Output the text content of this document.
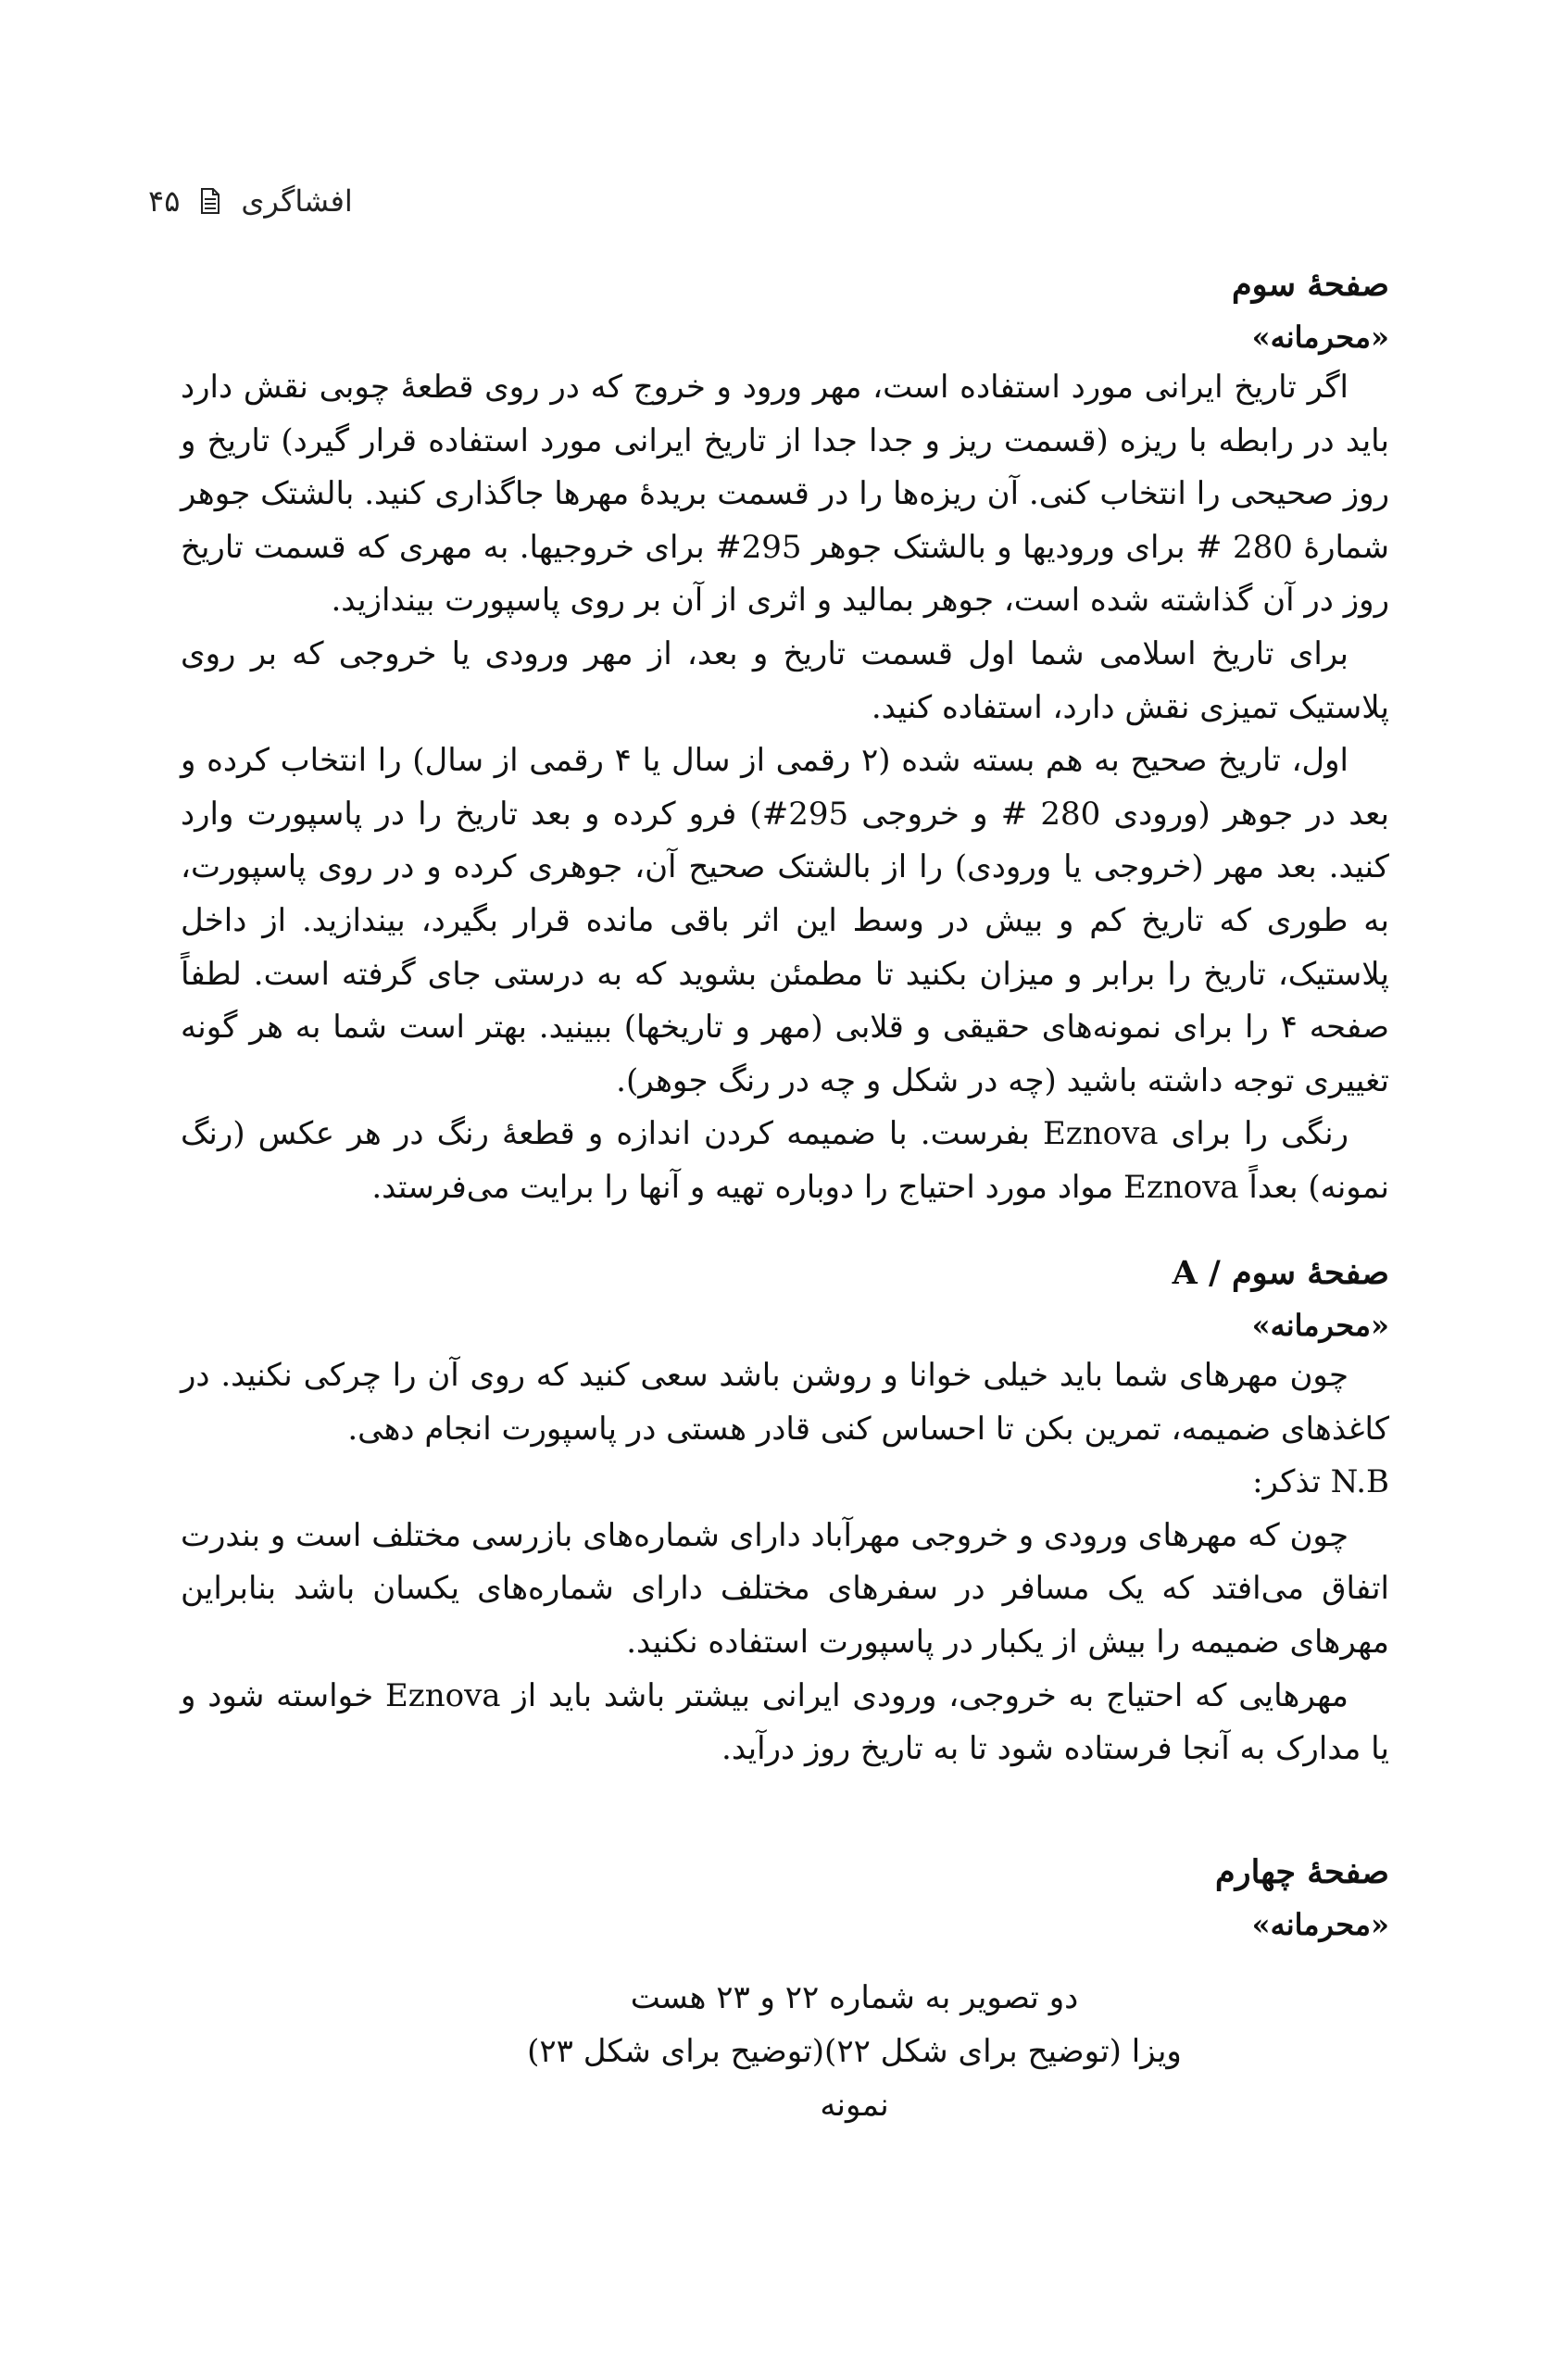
افشاگری
۴۵
صفحهٔ سوم
«محرمانه»

اگر تاریخ ایرانی مورد استفاده است، مهر ورود و خروج که در روی قطعهٔ چوبی نقش دارد باید در رابطه با ریزه (قسمت ریز و جدا جدا از تاریخ ایرانی مورد استفاده قرار گیرد) تاریخ و روز صحیحی را انتخاب کنی. آن ریزه‌ها را در قسمت بریدهٔ مهرها جاگذاری کنید. بالشتک جوهر شمارهٔ 280 # برای ورودیها و بالشتک جوهر 295# برای خروجیها. به مهری که قسمت تاریخ روز در آن گذاشته شده است، جوهر بمالید و اثری از آن بر روی پاسپورت بیندازید.

برای تاریخ اسلامی شما اول قسمت تاریخ و بعد، از مهر ورودی یا خروجی که بر روی پلاستیک تمیزی نقش دارد، استفاده کنید.

اول، تاریخ صحیح به هم بسته شده (۲ رقمی از سال یا ۴ رقمی از سال) را انتخاب کرده و بعد در جوهر (ورودی 280 # و خروجی 295#) فرو کرده و بعد تاریخ را در پاسپورت وارد کنید. بعد مهر (خروجی یا ورودی) را از بالشتک صحیح آن، جوهری کرده و در روی پاسپورت، به طوری که تاریخ کم و بیش در وسط این اثر باقی مانده قرار بگیرد، بیندازید. از داخل پلاستیک، تاریخ را برابر و میزان بکنید تا مطمئن بشوید که به درستی جای گرفته است. لطفاً صفحه ۴ را برای نمونه‌های حقیقی و قلابی (مهر و تاریخها) ببینید. بهتر است شما به هر گونه تغییری توجه داشته باشید (چه در شکل و چه در رنگ جوهر).

رنگی را برای Eznova بفرست. با ضمیمه کردن اندازه و قطعهٔ رنگ در هر عکس (رنگ نمونه) بعداً Eznova مواد مورد احتیاج را دوباره تهیه و آنها را برایت می‌فرستد.

صفحهٔ سوم / A
«محرمانه»

چون مهرهای شما باید خیلی خوانا و روشن باشد سعی کنید که روی آن را چرکی نکنید. در کاغذهای ضمیمه، تمرین بکن تا احساس کنی قادر هستی در پاسپورت انجام دهی.

N.B تذکر:

چون که مهرهای ورودی و خروجی مهرآباد دارای شماره‌های بازرسی مختلف است و بندرت اتفاق می‌افتد که یک مسافر در سفرهای مختلف دارای شماره‌های یکسان باشد بنابراین مهرهای ضمیمه را بیش از یکبار در پاسپورت استفاده نکنید.

مهرهایی که احتیاج به خروجی، ورودی ایرانی بیشتر باشد باید از Eznova خواسته شود و یا مدارک به آنجا فرستاده شود تا به تاریخ روز درآید.

صفحهٔ چهارم
«محرمانه»
دو تصویر به شماره ۲۲ و ۲۳ هست
ویزا (توضیح برای شکل ۲۲)(توضیح برای شکل ۲۳)
نمونه
